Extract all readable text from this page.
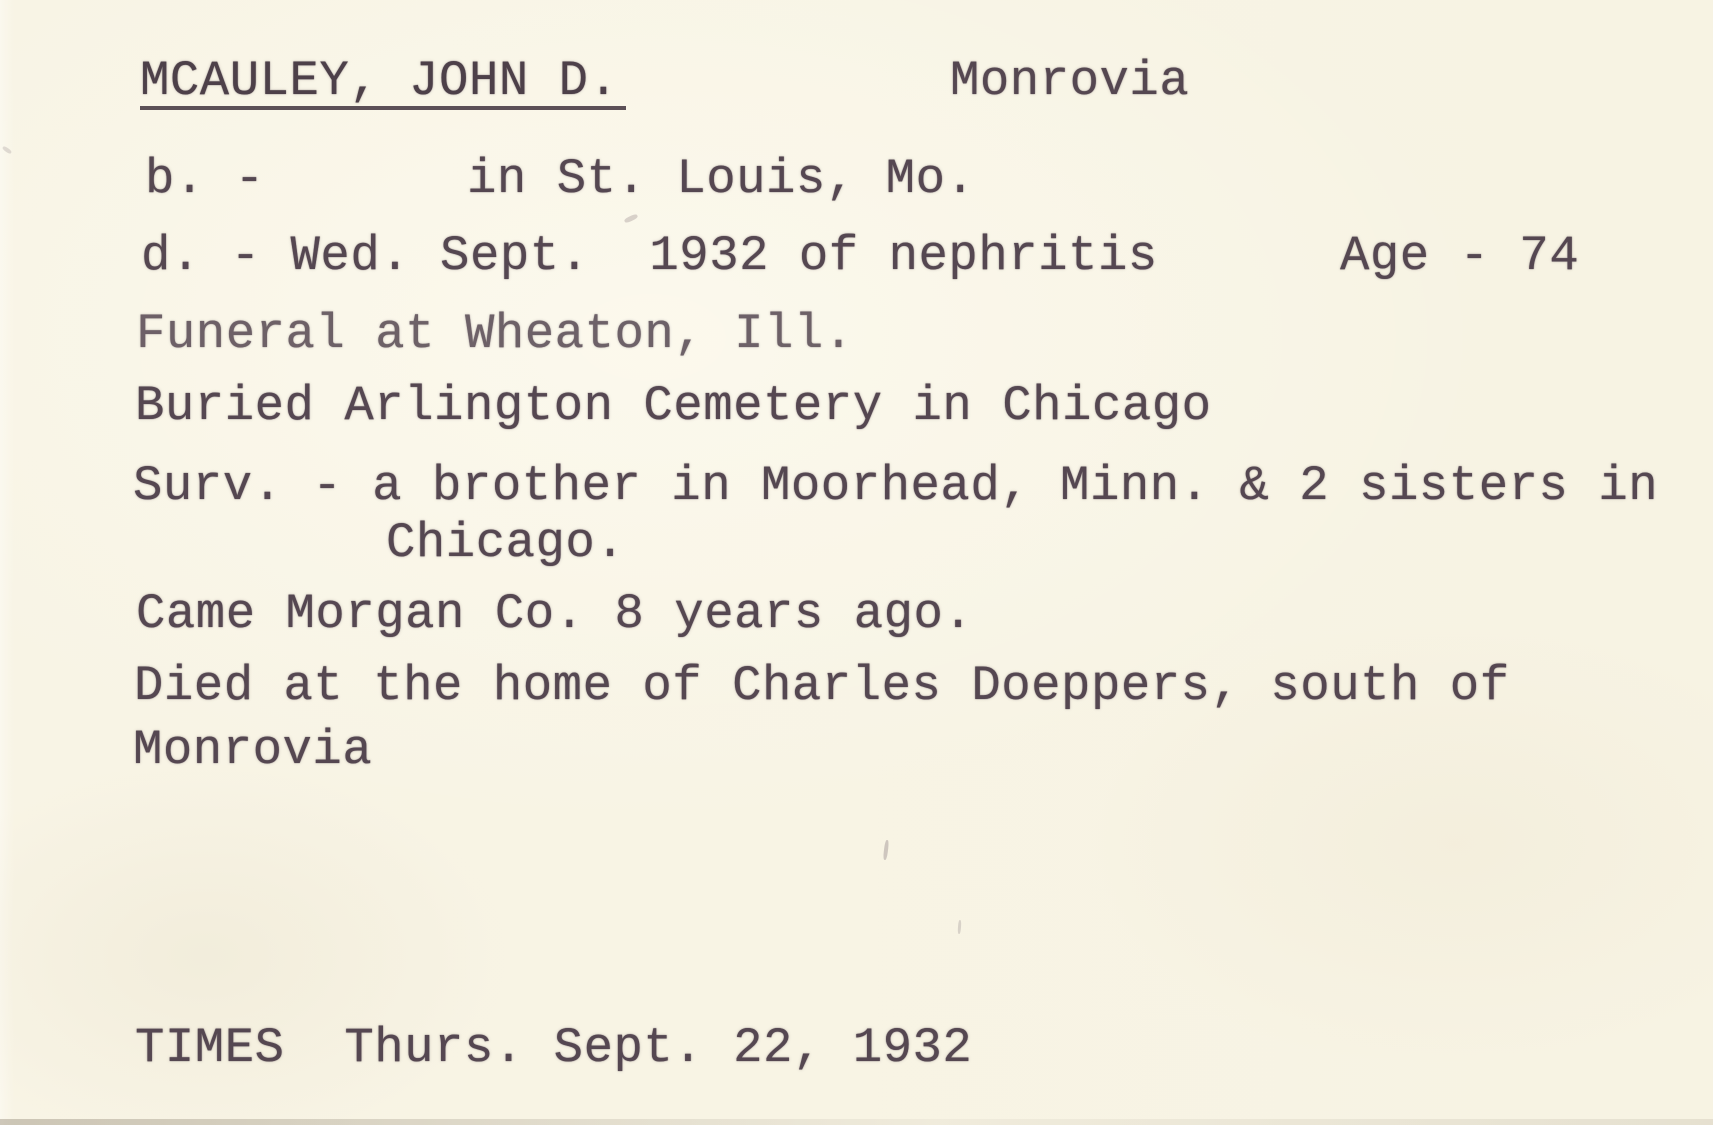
MCAULEY, JOHN D.	Monrovia
b. -	in St. Louis, Mo.
d. - Wed. Sept.  1932 of nephritis	Age - 74
Funeral at Wheaton, Ill.
Buried Arlington Cemetery in Chicago
Surv. - a brother in Moorhead, Minn. & 2 sisters in
Chicago.
Came Morgan Co. 8 years ago.
Died at the home of Charles Doeppers, south of
Monrovia
TIMES  Thurs. Sept. 22, 1932
